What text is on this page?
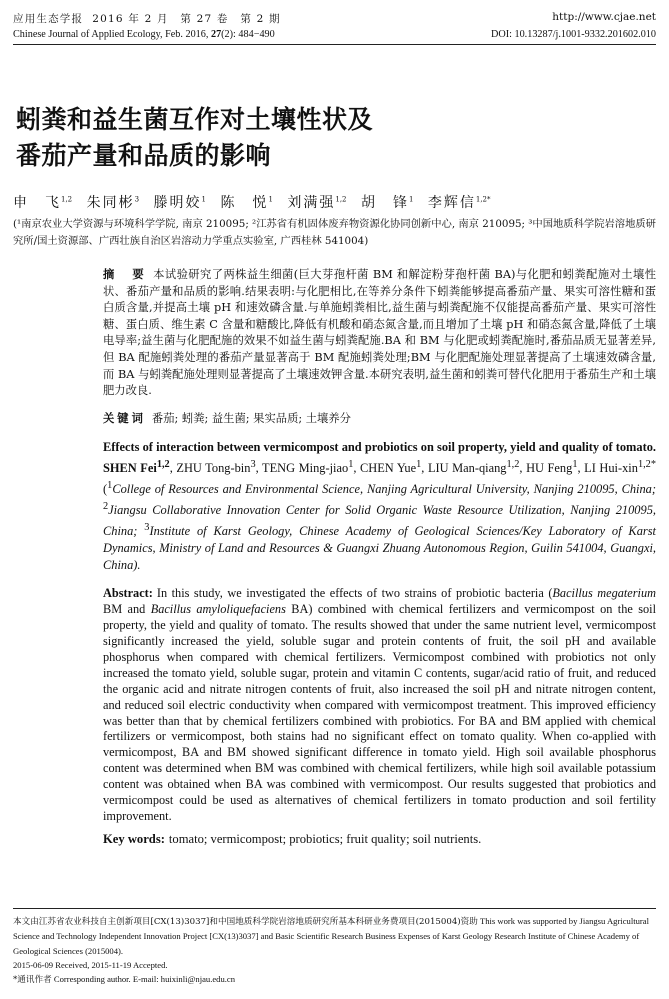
应用生态学报 2016 年 2 月　第 27 卷　第 2 期	http://www.cjae.net
Chinese Journal of Applied Ecology, Feb. 2016, 27(2): 484−490	DOI: 10.13287/j.1001-9332.201602.010
蚓粪和益生菌互作对土壤性状及
番茄产量和品质的影响
申　飞$^{1,2}$ 朱同彬$^3$ 滕明姣$^1$ 陈　悦$^1$ 刘满强$^{1,2}$ 胡　锋$^1$ 李辉信$^{1,2*}$
(¹南京农业大学资源与环境科学学院, 南京 210095; ²江苏省有机固体废弃物资源化协同创新中心, 南京 210095; ³中国地质科学院岩溶地质研究所/国土资源部、广西壮族自治区岩溶动力学重点实验室, 广西桂林 541004)
摘　要 本试验研究了两株益生细菌(巨大芽孢杆菌 BM 和解淀粉芽孢杆菌 BA)与化肥和蚓粪配施对土壤性状、番茄产量和品质的影响.结果表明:与化肥相比,在等养分条件下蚓粪能够提高番茄产量、果实可溶性糖和蛋白质含量,并提高土壤 pH 和速效磷含量.与单施蚓粪相比,益生菌与蚓粪配施不仅能提高番茄产量、果实可溶性糖、蛋白质、维生素 C 含量和糖酸比,降低有机酸和硝态氮含量,而且增加了土壤 pH 和硝态氮含量,降低了土壤电导率;益生菌与化肥配施的效果不如益生菌与蚓粪配施.BA 和 BM 与化肥或蚓粪配施时,番茄品质无显著差异,但 BA 配施蚓粪处理的番茄产量显著高于 BM 配施蚓粪处理;BM 与化肥配施处理显著提高了土壤速效磷含量,而 BA 与蚓粪配施处理则显著提高了土壤速效钾含量.本研究表明,益生菌和蚓粪可替代化肥用于番茄生产和土壤肥力改良.
关键词 番茄; 蚓粪; 益生菌; 果实品质; 土壤养分
Effects of interaction between vermicompost and probiotics on soil property, yield and quality of tomato. SHEN Fei$^{1,2}$, ZHU Tong-bin$^3$, TENG Ming-jiao$^1$, CHEN Yue$^1$, LIU Man-qiang$^{1,2}$, HU Feng$^1$, LI Hui-xin$^{1,2*}$ ($^1$College of Resources and Environmental Science, Nanjing Agricultural University, Nanjing 210095, China; $^2$Jiangsu Collaborative Innovation Center for Solid Organic Waste Resource Utilization, Nanjing 210095, China; $^3$Institute of Karst Geology, Chinese Academy of Geological Sciences/Key Laboratory of Karst Dynamics, Ministry of Land and Resources & Guangxi Zhuang Autonomous Region, Guilin 541004, Guangxi, China).
Abstract: In this study, we investigated the effects of two strains of probiotic bacteria (Bacillus megaterium BM and Bacillus amyloliquefaciens BA) combined with chemical fertilizers and vermicompost on the soil property, the yield and quality of tomato. The results showed that under the same nutrient level, vermicompost significantly increased the yield, soluble sugar and protein contents of fruit, the soil pH and available phosphorus when compared with chemical fertilizers. Vermicompost combined with probiotics not only increased the tomato yield, soluble sugar, protein and vitamin C contents, sugar/acid ratio of fruit, and reduced the organic acid and nitrate nitrogen contents of fruit, also increased the soil pH and nitrate nitrogen content, and reduced soil electric conductivity when compared with vermicompost treatment. This improved efficiency was better than that by chemical fertilizers combined with probiotics. For BA and BM applied with chemical fertilizers or vermicompost, both stains had no significant effect on tomato quality. When co-applied with vermicompost, BA and BM showed significant difference in tomato yield. High soil available phosphorus content was determined when BM was combined with chemical fertilizers, while high soil available potassium content was obtained when BA was combined with vermicompost. Our results suggested that probiotics and vermicompost could be used as alternatives of chemical fertilizers in tomato production and soil fertility improvement.
Key words: tomato; vermicompost; probiotics; fruit quality; soil nutrients.
本文由江苏省农业科技自主创新项目[CX(13)3037]和中国地质科学院岩溶地质研究所基本科研业务费项目(2015004)资助 This work was supported by Jiangsu Agricultural Science and Technology Independent Innovation Project [CX(13)3037] and Basic Scientific Research Business Expenses of Karst Geology Research Institute of Chinese Academy of Geological Sciences (2015004).
2015-06-09 Received, 2015-11-19 Accepted.
*通讯作者 Corresponding author. E-mail: huixinli@njau.edu.cn
